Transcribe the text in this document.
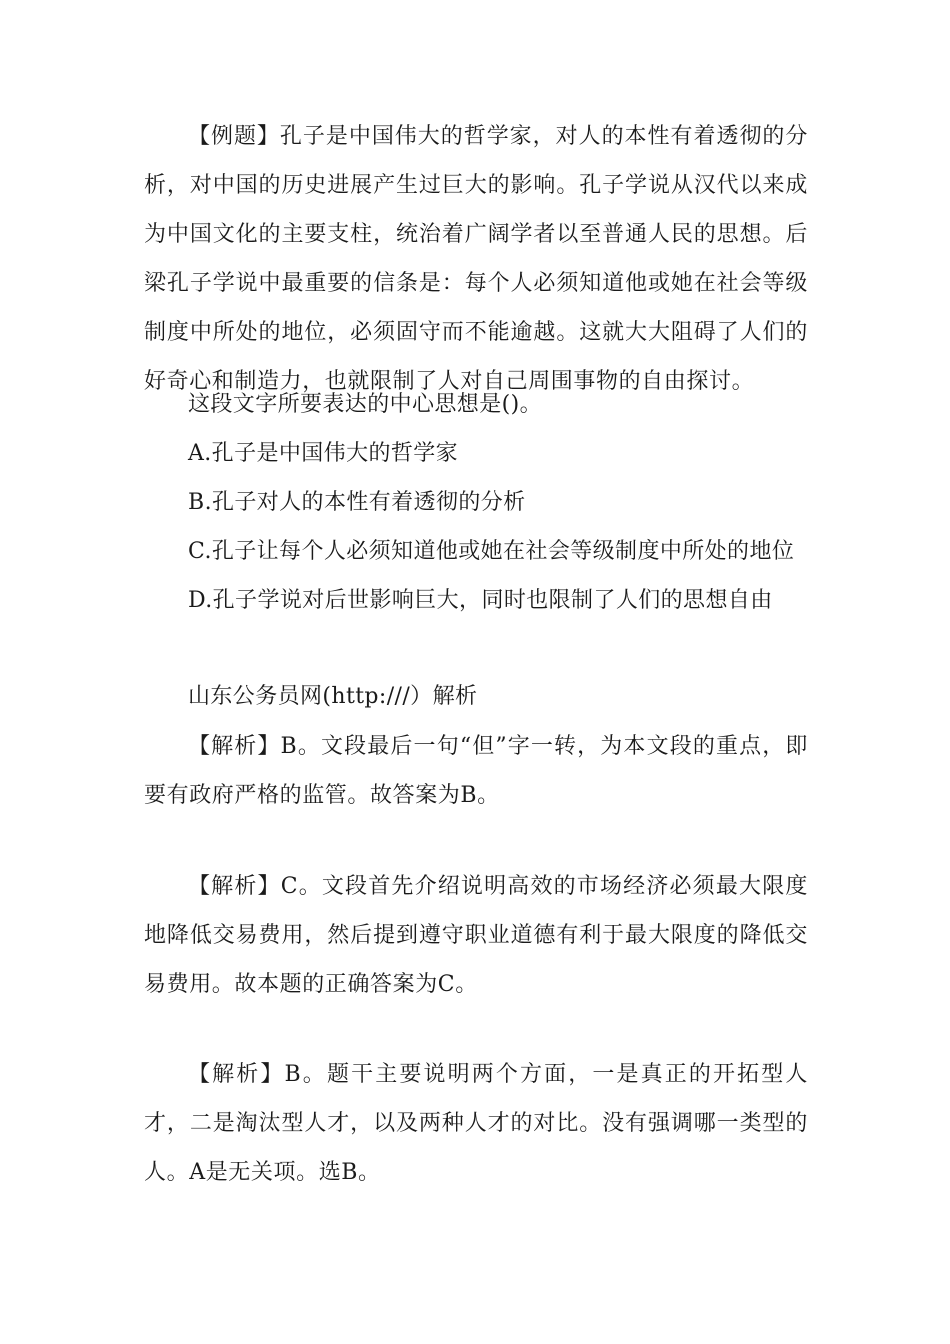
【例题】孔子是中国伟大的哲学家，对人的本性有着透彻的分析，对中国的历史进展产生过巨大的影响。孔子学说从汉代以来成为中国文化的主要支柱，统治着广阔学者以至普通人民的思想。后梁孔子学说中最重要的信条是：每个人必须知道他或她在社会等级制度中所处的地位，必须固守而不能逾越。这就大大阻碍了人们的好奇心和制造力，也就限制了人对自己周围事物的自由探讨。

这段文字所要表达的中心思想是()。

A.孔子是中国伟大的哲学家

B.孔子对人的本性有着透彻的分析

C.孔子让每个人必须知道他或她在社会等级制度中所处的地位

D.孔子学说对后世影响巨大，同时也限制了人们的思想自由

山东公务员网(http:///）解析

【解析】B。文段最后一句“但”字一转，为本文段的重点，即要有政府严格的监管。故答案为B。

【解析】C。文段首先介绍说明高效的市场经济必须最大限度地降低交易费用，然后提到遵守职业道德有利于最大限度的降低交易费用。故本题的正确答案为C。

【解析】B。题干主要说明两个方面，一是真正的开拓型人才，二是淘汰型人才，以及两种人才的对比。没有强调哪一类型的人。A是无关项。选B。
